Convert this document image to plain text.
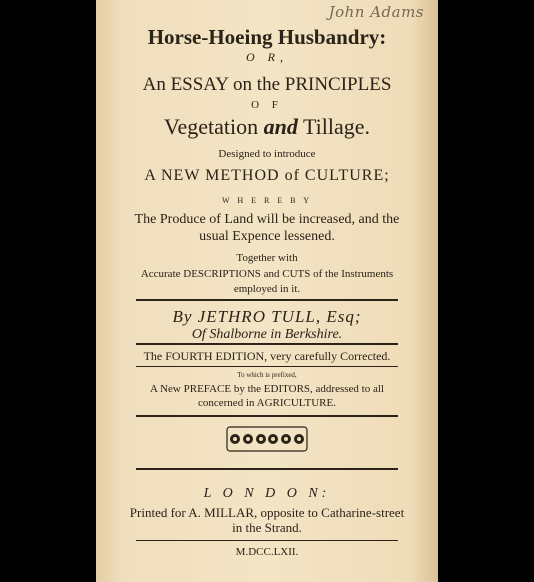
John Adams
Horse-Hoeing Husbandry:
O R,
An ESSAY on the PRINCIPLES
O F
Vegetation and Tillage.
Designed to introduce
A NEW METHOD of CULTURE;
W H E R E B Y
The Produce of Land will be increased, and the
usual Expence lessened.
Together with
Accurate DESCRIPTIONS and CUTS of the Instruments
employed in it.
By JETHRO TULL, Esq;
Of Shalborne in Berkshire.
The FOURTH EDITION, very carefully Corrected.
To which is prefixed,
A New PREFACE by the EDITORS, addressed to all
concerned in AGRICULTURE.
L O N D O N:
Printed for A. MILLAR, opposite to Catharine-street
in the Strand.
M.DCC.LXII.
